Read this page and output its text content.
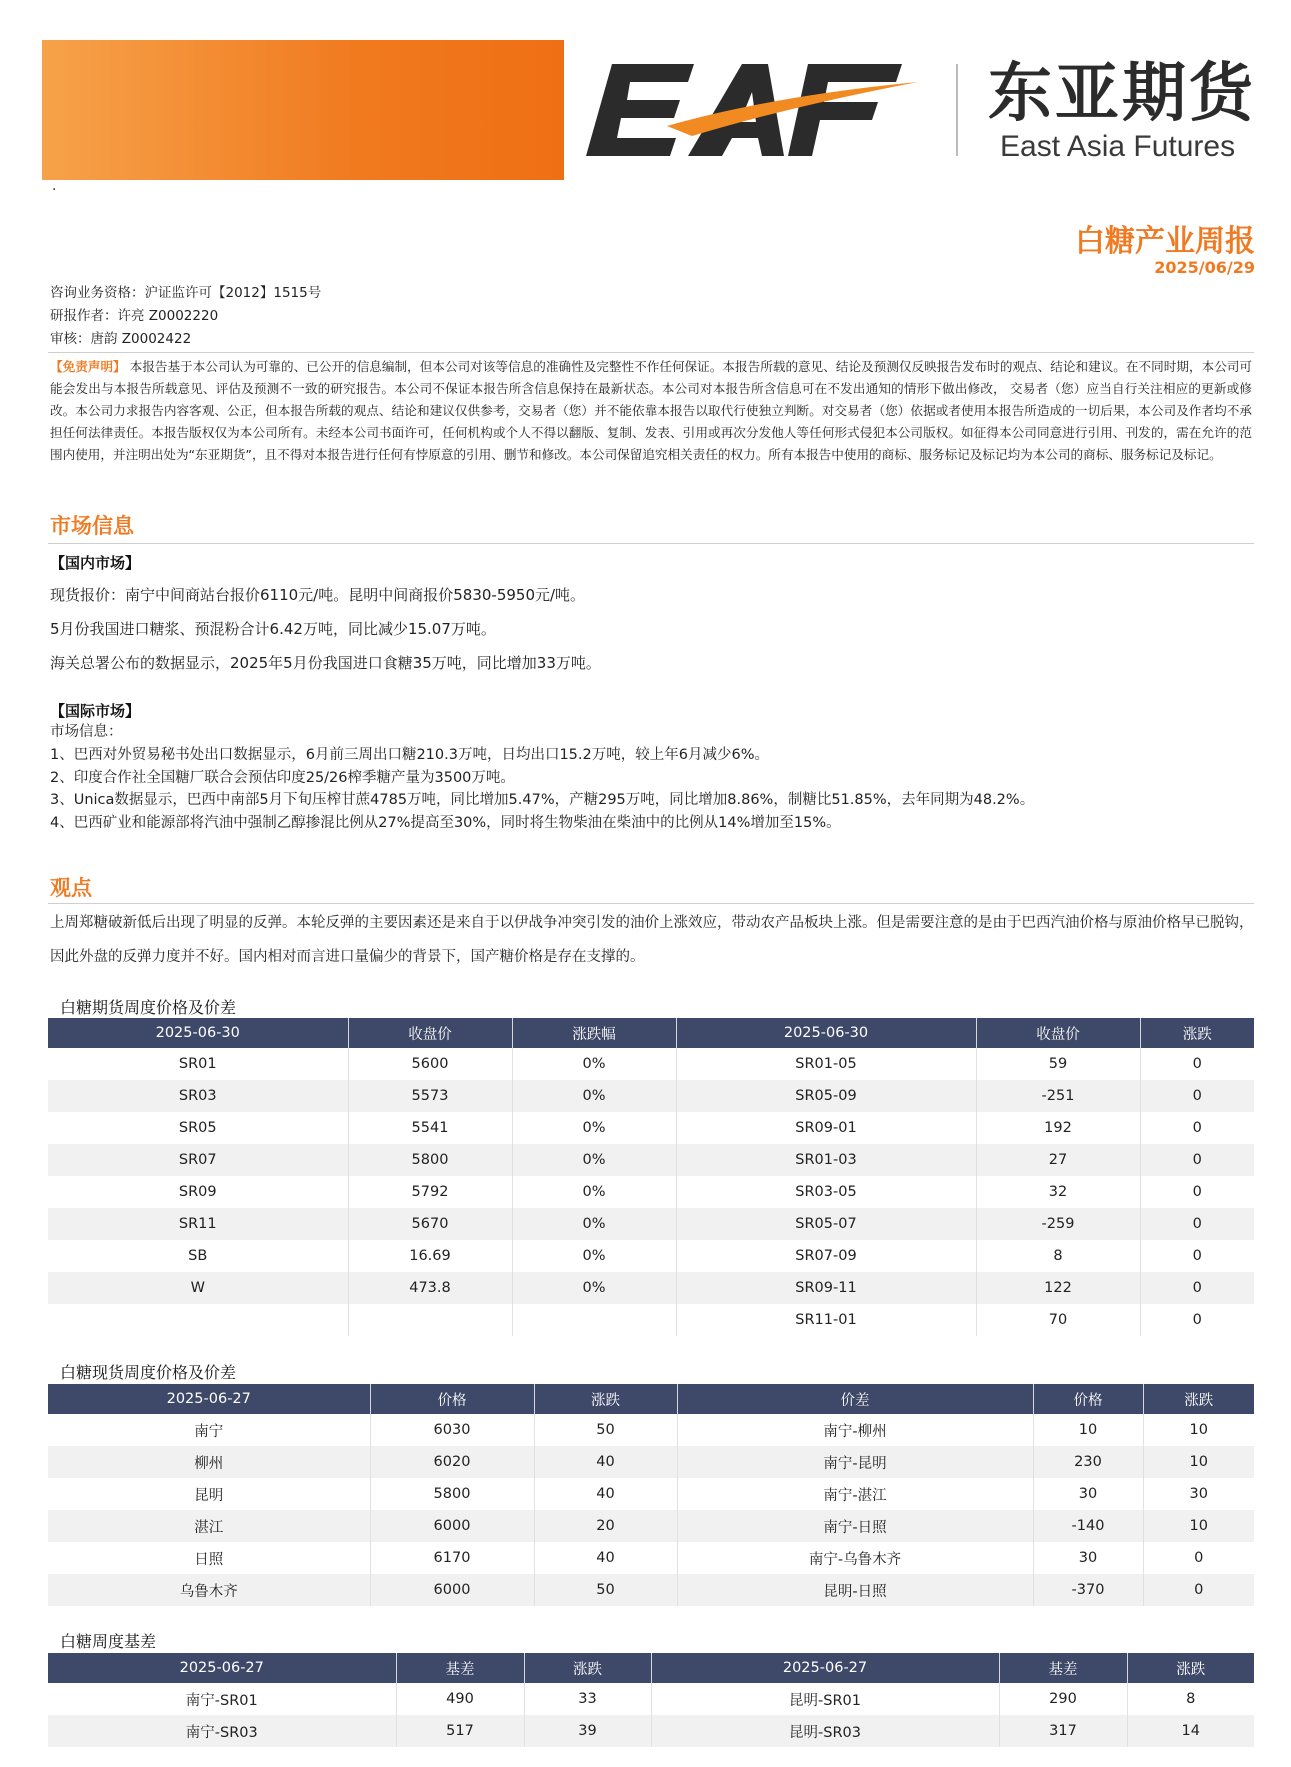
东亚期货
East Asia Futures
·
白糖产业周报
2025/06/29
咨询业务资格：沪证监许可【2012】1515号
研报作者：许亮 Z0002220
审核：唐韵 Z0002422
【免责声明】 本报告基于本公司认为可靠的、已公开的信息编制，但本公司对该等信息的准确性及完整性不作任何保证。本报告所载的意见、结论及预测仅反映报告发布时的观点、结论和建议。在不同时期，本公司可能会发出与本报告所载意见、评估及预测不一致的研究报告。本公司不保证本报告所含信息保持在最新状态。本公司对本报告所含信息可在不发出通知的情形下做出修改， 交易者（您）应当自行关注相应的更新或修改。本公司力求报告内容客观、公正，但本报告所载的观点、结论和建议仅供参考，交易者（您）并不能依靠本报告以取代行使独立判断。对交易者（您）依据或者使用本报告所造成的一切后果，本公司及作者均不承担任何法律责任。本报告版权仅为本公司所有。未经本公司书面许可，任何机构或个人不得以翻版、复制、发表、引用或再次分发他人等任何形式侵犯本公司版权。如征得本公司同意进行引用、刊发的，需在允许的范围内使用，并注明出处为“东亚期货”，且不得对本报告进行任何有悖原意的引用、删节和修改。本公司保留追究相关责任的权力。所有本报告中使用的商标、服务标记及标记均为本公司的商标、服务标记及标记。
市场信息
【国内市场】
现货报价：南宁中间商站台报价6110元/吨。昆明中间商报价5830-5950元/吨。
5月份我国进口糖浆、预混粉合计6.42万吨，同比减少15.07万吨。
海关总署公布的数据显示，2025年5月份我国进口食糖35万吨，同比增加33万吨。
【国际市场】
市场信息：
1、巴西对外贸易秘书处出口数据显示，6月前三周出口糖210.3万吨，日均出口15.2万吨，较上年6月减少6%。
2、印度合作社全国糖厂联合会预估印度25/26榨季糖产量为3500万吨。
3、Unica数据显示，巴西中南部5月下旬压榨甘蔗4785万吨，同比增加5.47%，产糖295万吨，同比增加8.86%，制糖比51.85%，去年同期为48.2%。
4、巴西矿业和能源部将汽油中强制乙醇掺混比例从27%提高至30%，同时将生物柴油在柴油中的比例从14%增加至15%。
观点
上周郑糖破新低后出现了明显的反弹。本轮反弹的主要因素还是来自于以伊战争冲突引发的油价上涨效应，带动农产品板块上涨。但是需要注意的是由于巴西汽油价格与原油价格早已脱钩，因此外盘的反弹力度并不好。国内相对而言进口量偏少的背景下，国产糖价格是存在支撑的。
白糖期货周度价格及价差
2025-06-30	收盘价	涨跌幅	2025-06-30	收盘价	涨跌
SR01	5600	0%	SR01-05	59	0
SR03	5573	0%	SR05-09	-251	0
SR05	5541	0%	SR09-01	192	0
SR07	5800	0%	SR01-03	27	0
SR09	5792	0%	SR03-05	32	0
SR11	5670	0%	SR05-07	-259	0
SB	16.69	0%	SR07-09	8	0
W	473.8	0%	SR09-11	122	0
			SR11-01	70	0
白糖现货周度价格及价差
2025-06-27	价格	涨跌	价差	价格	涨跌
南宁	6030	50	南宁-柳州	10	10
柳州	6020	40	南宁-昆明	230	10
昆明	5800	40	南宁-湛江	30	30
湛江	6000	20	南宁-日照	-140	10
日照	6170	40	南宁-乌鲁木齐	30	0
乌鲁木齐	6000	50	昆明-日照	-370	0
白糖周度基差
2025-06-27	基差	涨跌	2025-06-27	基差	涨跌
南宁-SR01	490	33	昆明-SR01	290	8
南宁-SR03	517	39	昆明-SR03	317	14
